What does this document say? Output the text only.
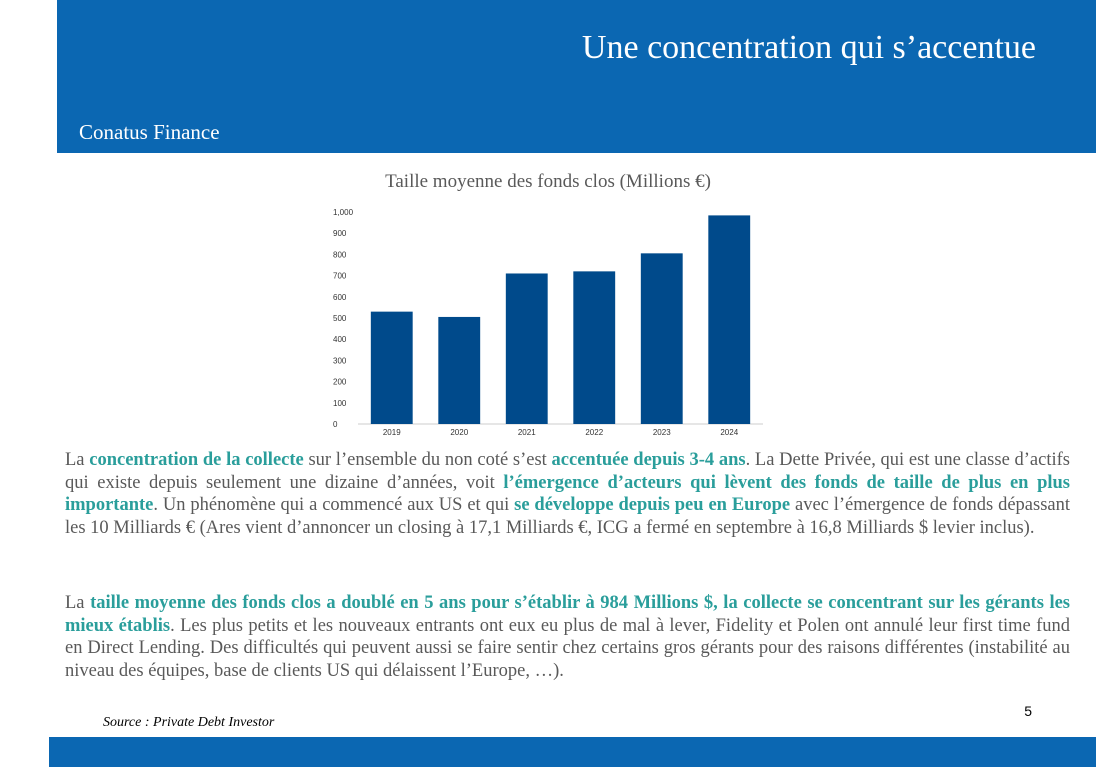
Une concentration qui s’accentue
Conatus Finance
Taille moyenne des fonds clos (Millions €)
0
100
200
300
400
500
600
700
800
900
1,000
2019	2020	2021	2022	2023	2024

La concentration de la collecte sur l’ensemble du non coté s’est accentuée depuis 3-4 ans. La Dette Privée, qui est une classe d’actifs qui existe depuis seulement une dizaine d’années, voit l’émergence d’acteurs qui lèvent des fonds de taille de plus en plus importante. Un phénomène qui a commencé aux US et qui se développe depuis peu en Europe avec l’émergence de fonds dépassant les 10 Milliards € (Ares vient d’annoncer un closing à 17,1 Milliards €, ICG a fermé en septembre à 16,8 Milliards $ levier inclus).

La taille moyenne des fonds clos a doublé en 5 ans pour s’établir à 984 Millions $, la collecte se concentrant sur les gérants les mieux établis. Les plus petits et les nouveaux entrants ont eux eu plus de mal à lever, Fidelity et Polen ont annulé leur first time fund en Direct Lending. Des difficultés qui peuvent aussi se faire sentir chez certains gros gérants pour des raisons différentes (instabilité au niveau des équipes, base de clients US qui délaissent l’Europe, …).

Source : Private Debt Investor
5
